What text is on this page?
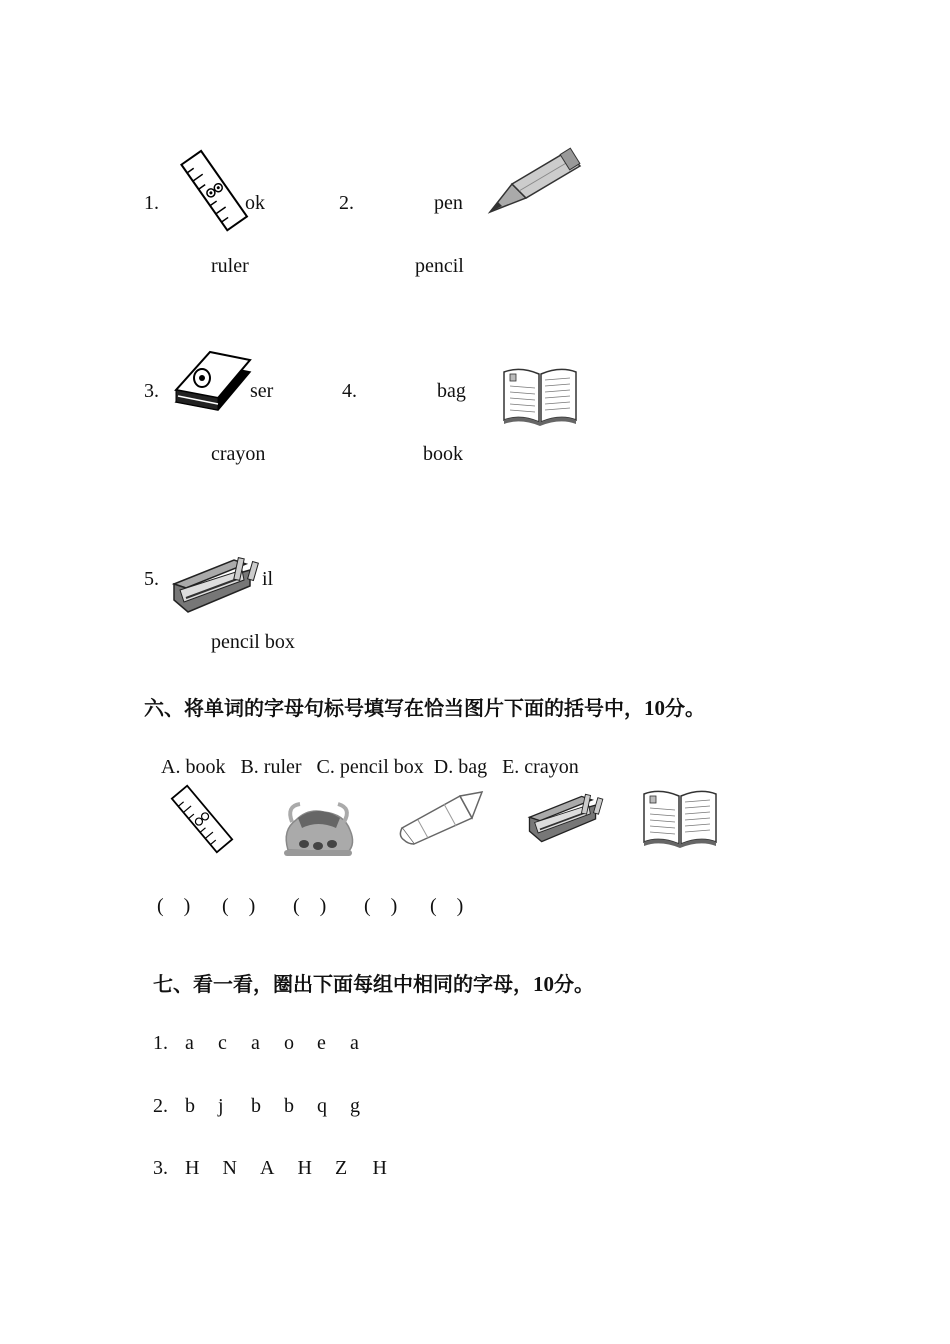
1.	ok	2.	pen
ruler	pencil
3.	ser	4.	bag
crayon	book
5.	il
pencil box
六、将单词的字母句标号填写在恰当图片下面的括号中，10分。
A. book   B. ruler   C. pencil box  D. bag   E. crayon
(    ) (    ) (    ) (    ) (    )
七、看一看，圈出下面每组中相同的字母，10分。
1. a c a o e a
2. b j b b q g
3. H N A H Z H
